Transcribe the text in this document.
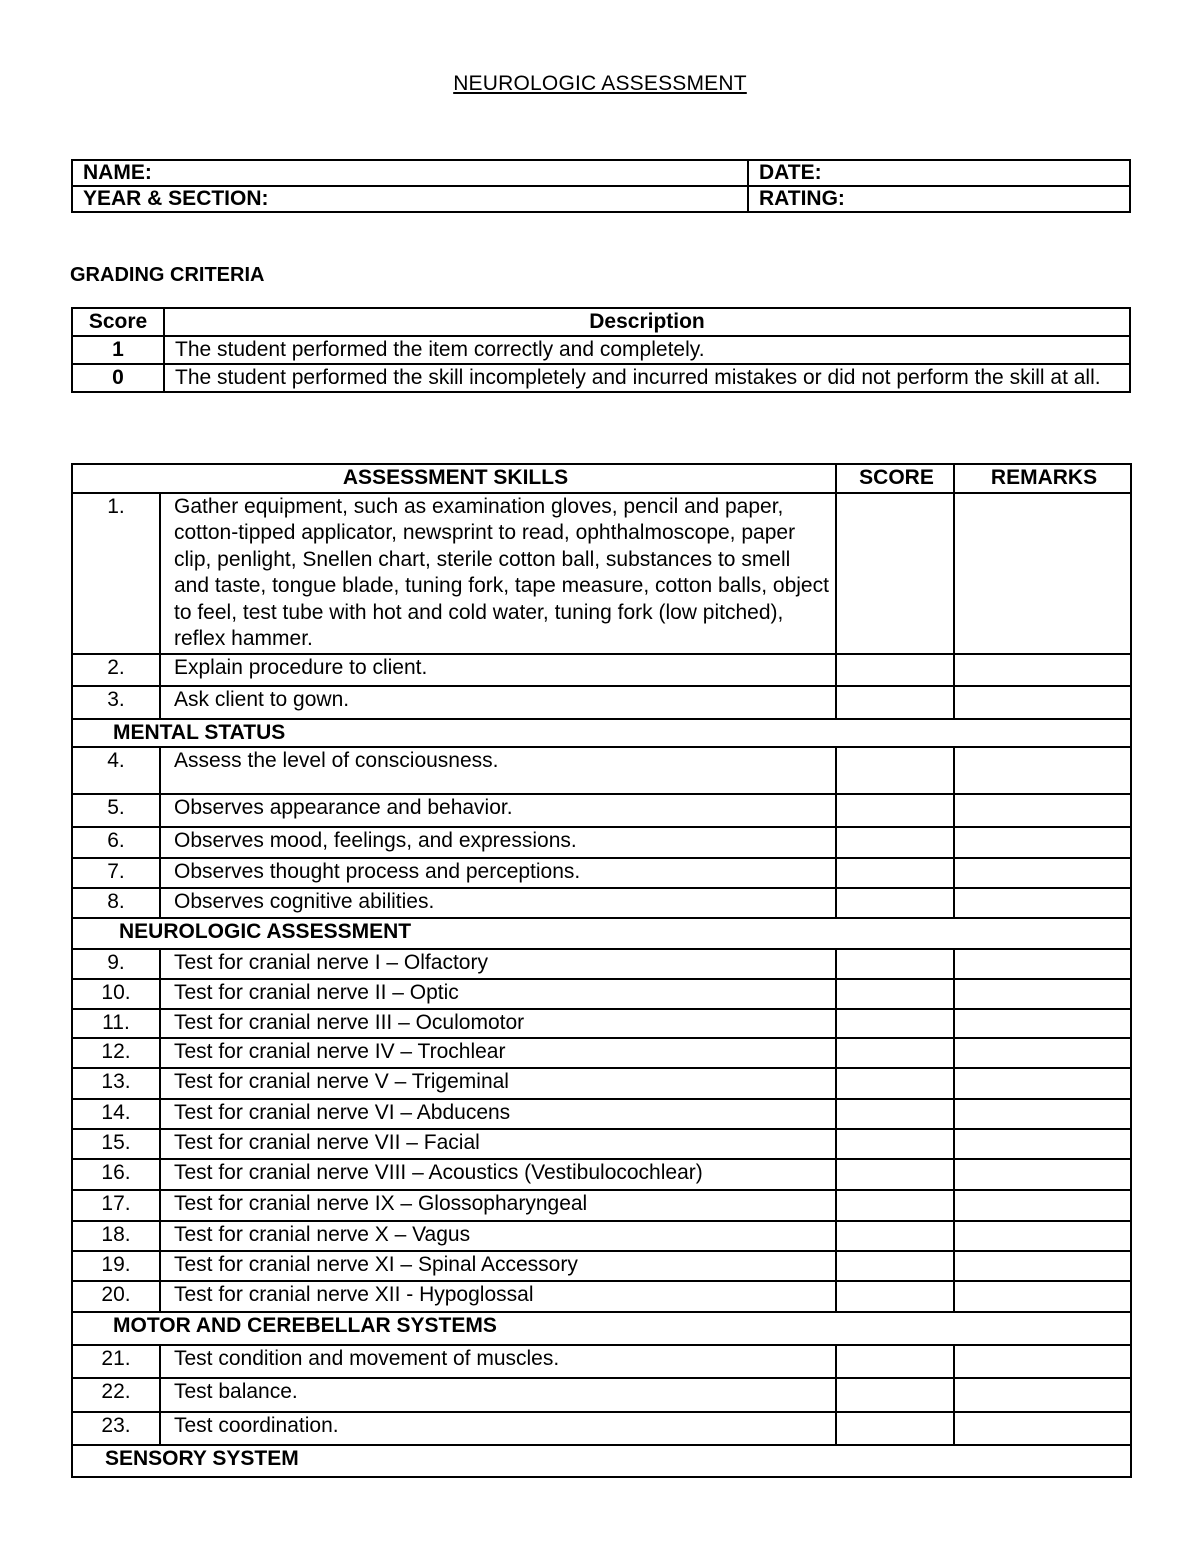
NEUROLOGIC ASSESSMENT
NAME:	DATE:
YEAR & SECTION:	RATING:
GRADING CRITERIA
Score	Description
1	The student performed the item correctly and completely.
0	The student performed the skill incompletely and incurred mistakes or did not perform the skill at all.
ASSESSMENT SKILLS		SCORE	REMARKS
1.	Gather equipment, such as examination gloves, pencil and paper, cotton-tipped applicator, newsprint to read, ophthalmoscope, paper clip, penlight, Snellen chart, sterile cotton ball, substances to smell and taste, tongue blade, tuning fork, tape measure, cotton balls, object to feel, test tube with hot and cold water, tuning fork (low pitched), reflex hammer.		
2.	Explain procedure to client.		
3.	Ask client to gown.		
MENTAL STATUS			
4.	Assess the level of consciousness.		
5.	Observes appearance and behavior.		
6.	Observes mood, feelings, and expressions.		
7.	Observes thought process and perceptions.		
8.	Observes cognitive abilities.		
NEUROLOGIC ASSESSMENT			
9.	Test for cranial nerve I – Olfactory		
10.	Test for cranial nerve II – Optic		
11.	Test for cranial nerve III – Oculomotor		
12.	Test for cranial nerve IV – Trochlear		
13.	Test for cranial nerve V – Trigeminal		
14.	Test for cranial nerve VI – Abducens		
15.	Test for cranial nerve VII – Facial		
16.	Test for cranial nerve VIII – Acoustics (Vestibulocochlear)		
17.	Test for cranial nerve IX – Glossopharyngeal		
18.	Test for cranial nerve X – Vagus		
19.	Test for cranial nerve XI – Spinal Accessory		
20.	Test for cranial nerve XII - Hypoglossal		
MOTOR AND CEREBELLAR SYSTEMS			
21.	Test condition and movement of muscles.		
22.	Test balance.		
23.	Test coordination.		
SENSORY SYSTEM			
